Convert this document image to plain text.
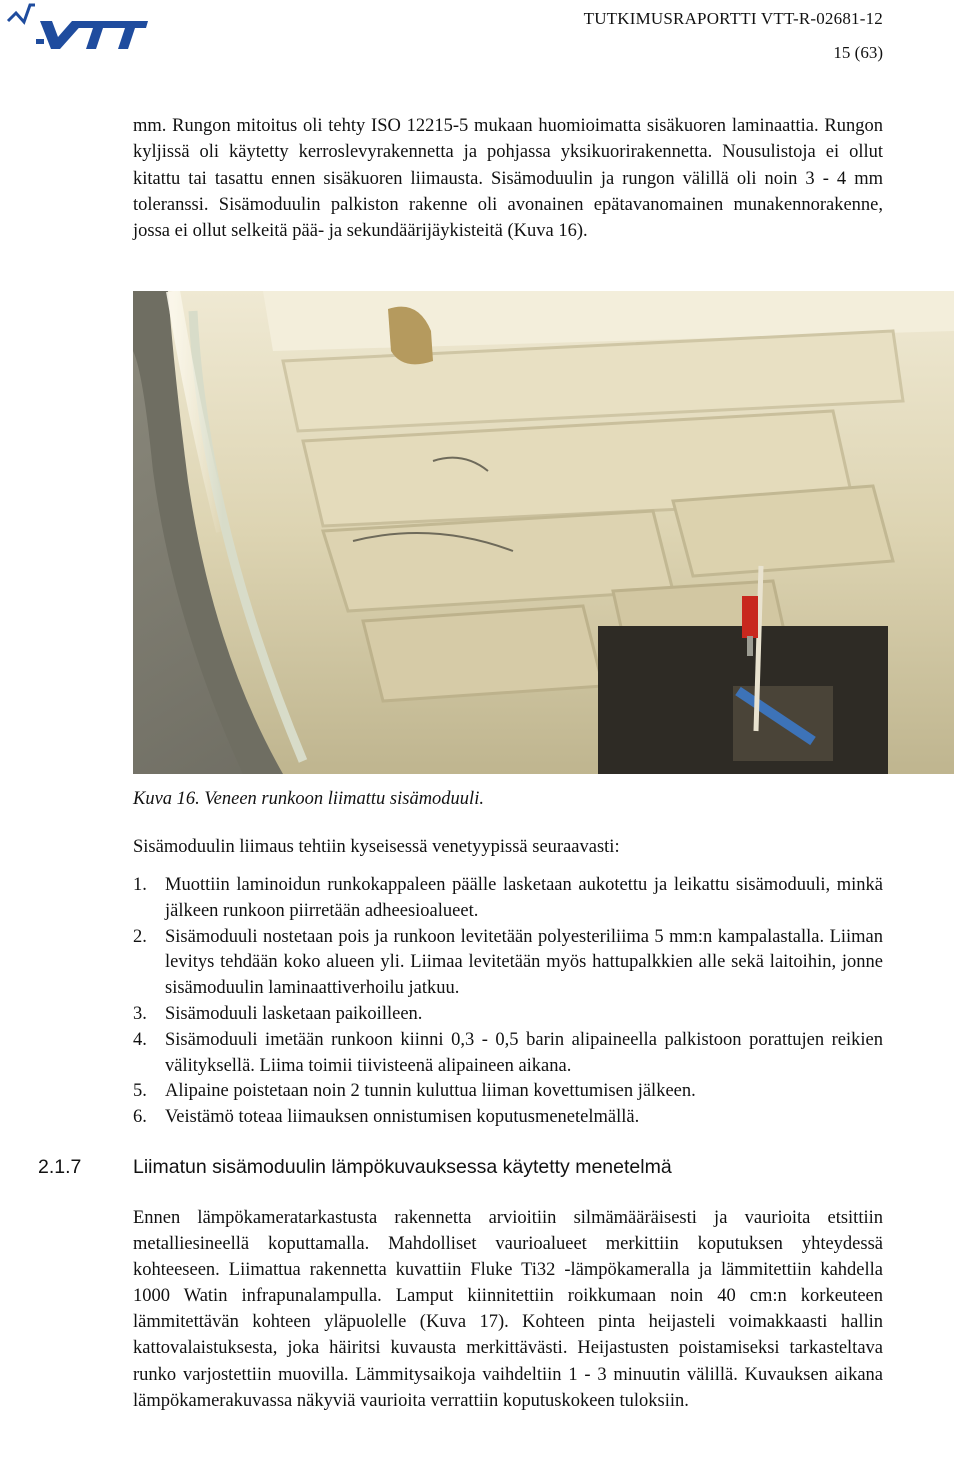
TUTKIMUSRAPORTTI VTT-R-02681-12
15 (63)

mm. Rungon mitoitus oli tehty ISO 12215-5 mukaan huomioimatta sisäkuoren laminaattia. Rungon kyljissä oli käytetty kerroslevyrakennetta ja pohjassa yksikuorirakennetta. Nousulistoja ei ollut kitattu tai tasattu ennen sisäkuoren liimausta. Sisämoduulin ja rungon välillä oli noin 3 - 4 mm toleranssi. Sisämoduulin palkiston rakenne oli avonainen epätavanomainen munakennorakenne, jossa ei ollut selkeitä pää- ja sekundäärijäykisteitä (Kuva 16).

Kuva 16. Veneen runkoon liimattu sisämoduuli.
Sisämoduulin liimaus tehtiin kyseisessä venetyypissä seuraavasti:
1. Muottiin laminoidun runkokappaleen päälle lasketaan aukotettu ja leikattu sisämoduuli, minkä jälkeen runkoon piirretään adheesioalueet.
2. Sisämoduuli nostetaan pois ja runkoon levitetään polyesteriliima 5 mm:n kampalastalla. Liiman levitys tehdään koko alueen yli. Liimaa levitetään myös hattupalkkien alle sekä laitoihin, jonne sisämoduulin laminaattiverhoilu jatkuu.
3. Sisämoduuli lasketaan paikoilleen.
4. Sisämoduuli imetään runkoon kiinni 0,3 - 0,5 barin alipaineella palkistoon porattujen reikien välityksellä. Liima toimii tiivisteenä alipaineen aikana.
5. Alipaine poistetaan noin 2 tunnin kuluttua liiman kovettumisen jälkeen.
6. Veistämö toteaa liimauksen onnistumisen koputusmenetelmällä.
2.1.7	Liimatun sisämoduulin lämpökuvauksessa käytetty menetelmä

Ennen lämpökameratarkastusta rakennetta arvioitiin silmämääräisesti ja vaurioita etsittiin metalliesineellä koputtamalla. Mahdolliset vaurioalueet merkittiin koputuksen yhteydessä kohteeseen. Liimattua rakennetta kuvattiin Fluke Ti32 -lämpökameralla ja lämmitettiin kahdella 1000 Watin infrapunalampulla. Lamput kiinnitettiin roikkumaan noin 40 cm:n korkeuteen lämmitettävän kohteen yläpuolelle (Kuva 17). Kohteen pinta heijasteli voimakkaasti hallin kattovalaistuksesta, joka häiritsi kuvausta merkittävästi. Heijastusten poistamiseksi tarkasteltava runko varjostettiin muovilla. Lämmitysaikoja vaihdeltiin 1 - 3 minuutin välillä. Kuvauksen aikana lämpökamerakuvassa näkyviä vaurioita verrattiin koputuskokeen tuloksiin.
